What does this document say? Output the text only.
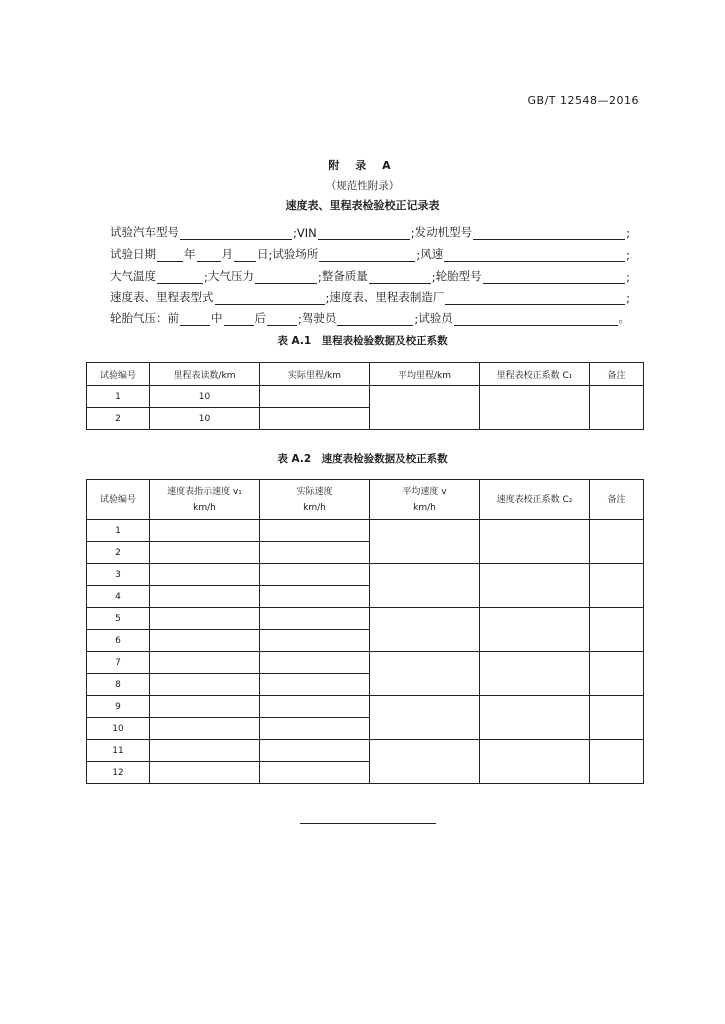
GB/T 12548—2016
附 录 A
（规范性附录）
速度表、里程表检验校正记录表
试验汽车型号	; VIN	; 发动机型号	;
试验日期 年 月 日 ; 试验场所	; 风速	;
大气温度	; 大气压力	; 整备质量	; 轮胎型号	;
速度表、里程表型式	; 速度表、里程表制造厂	;
轮胎气压：前	中	后	; 驾驶员	; 试验员	。
表 A.1　里程表检验数据及校正系数
试验编号	里程表读数/km	实际里程/km	平均里程/km	里程表校正系数 C₁	备注
1	10				
2	10				
表 A.2　速度表检验数据及校正系数
试验编号	速度表指示速度 v₁
km/h	实际速度
km/h	平均速度 v
km/h	速度表校正系数 C₂	备注
1					
2					
3					
4					
5					
6					
7					
8					
9					
10					
11					
12					
